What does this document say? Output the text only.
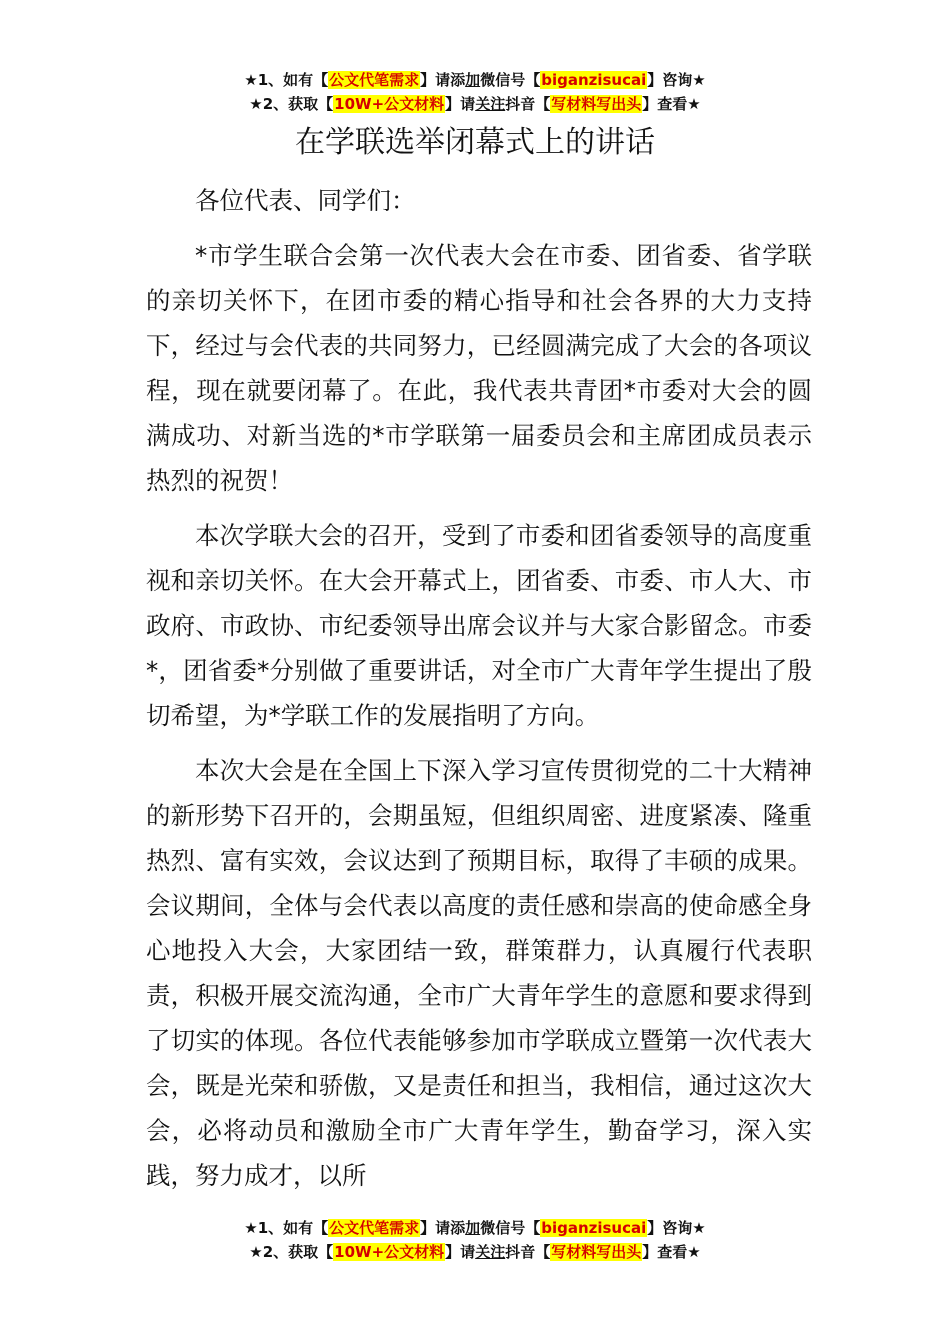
★1、如有【公文代笔需求】请添加微信号【biganzisucai】咨询★
★2、获取【10W+公文材料】请关注抖音【写材料写出头】查看★
在学联选举闭幕式上的讲话

各位代表、同学们：

*市学生联合会第一次代表大会在市委、团省委、省学联的亲切关怀下，在团市委的精心指导和社会各界的大力支持下，经过与会代表的共同努力，已经圆满完成了大会的各项议程，现在就要闭幕了。在此，我代表共青团*市委对大会的圆满成功、对新当选的*市学联第一届委员会和主席团成员表示热烈的祝贺！

本次学联大会的召开，受到了市委和团省委领导的高度重视和亲切关怀。在大会开幕式上，团省委、市委、市人大、市政府、市政协、市纪委领导出席会议并与大家合影留念。市委*，团省委*分别做了重要讲话，对全市广大青年学生提出了殷切希望，为*学联工作的发展指明了方向。

本次大会是在全国上下深入学习宣传贯彻党的二十大精神的新形势下召开的，会期虽短，但组织周密、进度紧凑、隆重热烈、富有实效，会议达到了预期目标，取得了丰硕的成果。会议期间，全体与会代表以高度的责任感和崇高的使命感全身心地投入大会，大家团结一致，群策群力，认真履行代表职责，积极开展交流沟通，全市广大青年学生的意愿和要求得到了切实的体现。各位代表能够参加市学联成立暨第一次代表大会，既是光荣和骄傲，又是责任和担当，我相信，通过这次大会，必将动员和激励全市广大青年学生，勤奋学习，深入实践，努力成才，以所

★1、如有【公文代笔需求】请添加微信号【biganzisucai】咨询★
★2、获取【10W+公文材料】请关注抖音【写材料写出头】查看★
